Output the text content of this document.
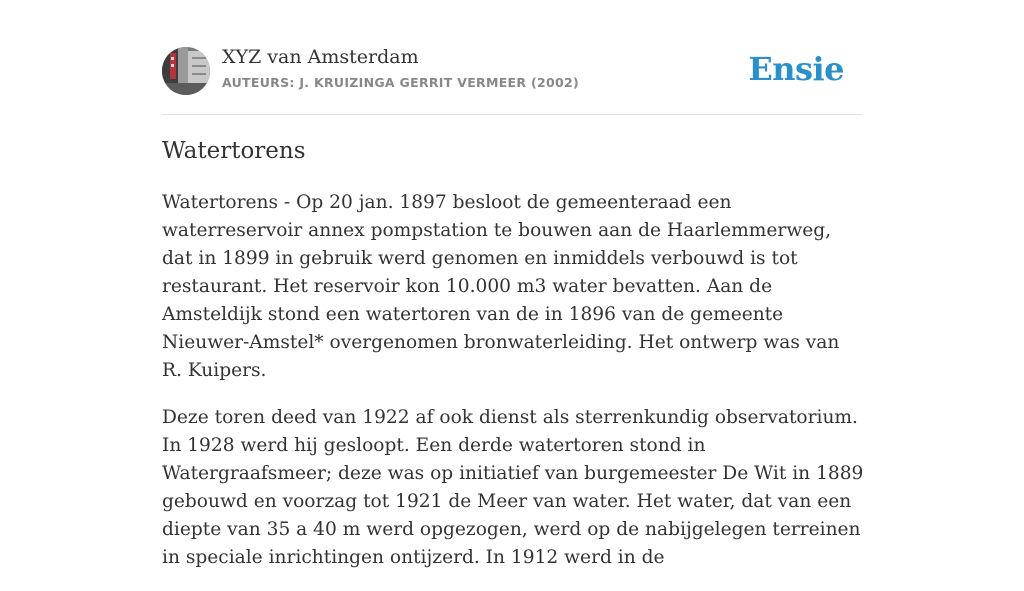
XYZ van Amsterdam
AUTEURS: J. KRUIZINGA GERRIT VERMEER (2002)	Ensie
Watertorens

Watertorens - Op 20 jan. 1897 besloot de gemeenteraad een waterreservoir annex pompstation te bouwen aan de Haarlemmerweg, dat in 1899 in gebruik werd genomen en inmiddels verbouwd is tot restaurant. Het reservoir kon 10.000 m3 water bevatten. Aan de Amsteldijk stond een watertoren van de in 1896 van de gemeente Nieuwer-Amstel* overgenomen bronwaterleiding. Het ontwerp was van R. Kuipers.

Deze toren deed van 1922 af ook dienst als sterrenkundig observatorium. In 1928 werd hij gesloopt. Een derde watertoren stond in Watergraafsmeer; deze was op initiatief van burgemeester De Wit in 1889 gebouwd en voorzag tot 1921 de Meer van water. Het water, dat van een diepte van 35 a 40 m werd opgezogen, werd op de nabijgelegen terreinen in speciale inrichtingen ontijzerd. In 1912 werd in de
